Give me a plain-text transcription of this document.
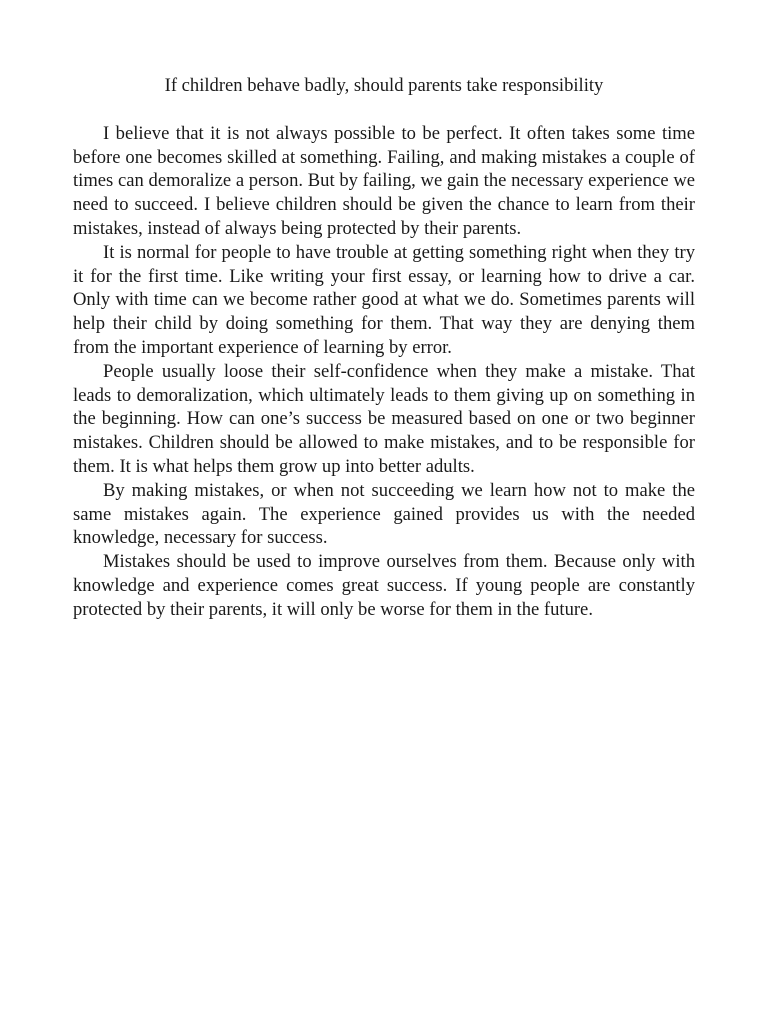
If children behave badly, should parents take responsibility

I believe that it is not always possible to be perfect. It often takes some time before one becomes skilled at something. Failing, and making mistakes a couple of times can demoralize a person. But by failing, we gain the necessary experience we need to succeed. I believe children should be given the chance to learn from their mistakes, instead of always being protected by their parents.

It is normal for people to have trouble at getting something right when they try it for the first time. Like writing your first essay, or learning how to drive a car. Only with time can we become rather good at what we do. Sometimes parents will help their child by doing something for them. That way they are denying them from the important experience of learning by error.

People usually loose their self-confidence when they make a mistake. That leads to demoralization, which ultimately leads to them giving up on something in the beginning. How can one’s success be measured based on one or two beginner mistakes. Children should be allowed to make mistakes, and to be responsible for them. It is what helps them grow up into better adults.

By making mistakes, or when not succeeding we learn how not to make the same mistakes again. The experience gained provides us with the needed knowledge, necessary for success.

Mistakes should be used to improve ourselves from them. Because only with knowledge and experience comes great success. If young people are constantly protected by their parents, it will only be worse for them in the future.
